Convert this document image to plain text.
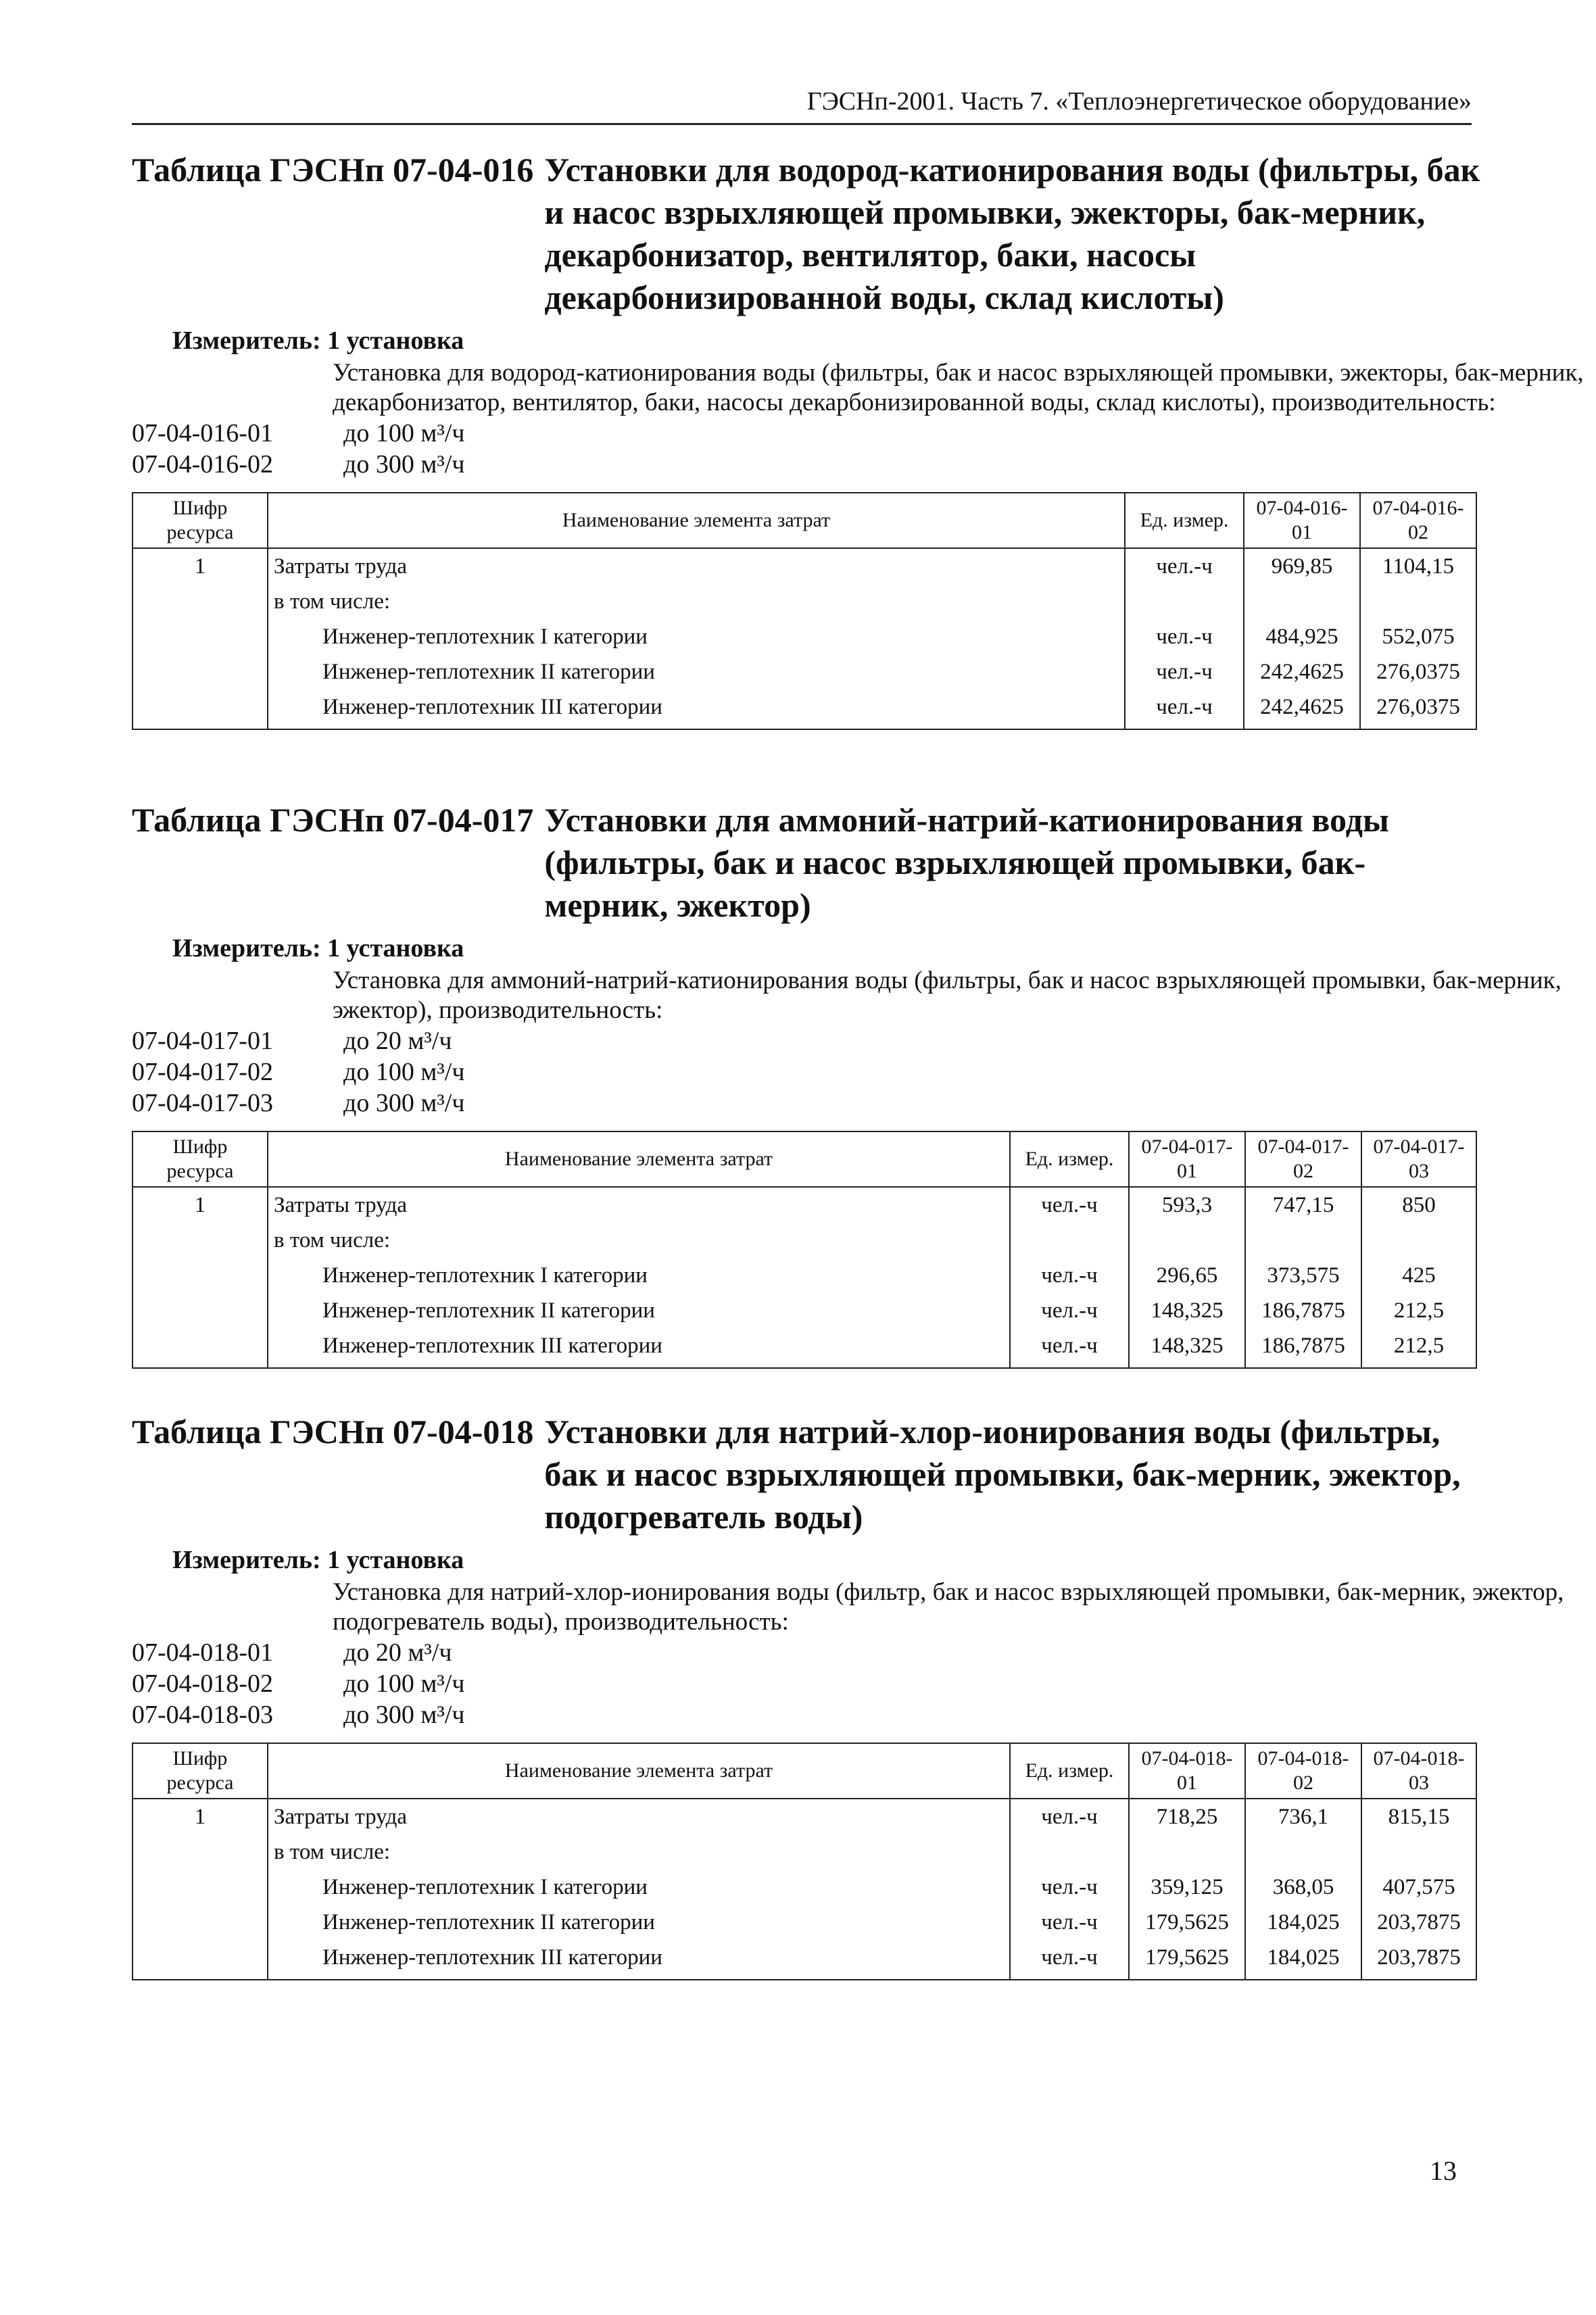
ГЭСНп-2001. Часть 7. «Теплоэнергетическое оборудование»
Таблица ГЭСНп 07-04-016 Установки для водород-катионирования воды (фильтры, бак и насос взрыхляющей промывки, эжекторы, бак-мерник, декарбонизатор, вентилятор, баки, насосы декарбонизированной воды, склад кислоты)
Измеритель: 1 установка
Установка для водород-катионирования воды (фильтры, бак и насос взрыхляющей промывки, эжекторы, бак-мерник, декарбонизатор, вентилятор, баки, насосы декарбонизированной воды, склад кислоты), производительность:
07-04-016-01	до 100 м³/ч
07-04-016-02	до 300 м³/ч
Шифр ресурса	Наименование элемента затрат	Ед. измер.	07-04-016-01	07-04-016-02
1	Затраты труда	чел.-ч	969,85	1104,15
	в том числе:			
	Инженер-теплотехник I категории	чел.-ч	484,925	552,075
	Инженер-теплотехник II категории	чел.-ч	242,4625	276,0375
	Инженер-теплотехник III категории	чел.-ч	242,4625	276,0375
Таблица ГЭСНп 07-04-017 Установки для аммоний-натрий-катионирования воды (фильтры, бак и насос взрыхляющей промывки, бак-мерник, эжектор)
Измеритель: 1 установка
Установка для аммоний-натрий-катионирования воды (фильтры, бак и насос взрыхляющей промывки, бак-мерник, эжектор), производительность:
07-04-017-01	до 20 м³/ч
07-04-017-02	до 100 м³/ч
07-04-017-03	до 300 м³/ч
Шифр ресурса	Наименование элемента затрат	Ед. измер.	07-04-017-01	07-04-017-02	07-04-017-03
1	Затраты труда	чел.-ч	593,3	747,15	850
	в том числе:				
	Инженер-теплотехник I категории	чел.-ч	296,65	373,575	425
	Инженер-теплотехник II категории	чел.-ч	148,325	186,7875	212,5
	Инженер-теплотехник III категории	чел.-ч	148,325	186,7875	212,5
Таблица ГЭСНп 07-04-018 Установки для натрий-хлор-ионирования воды (фильтры, бак и насос взрыхляющей промывки, бак-мерник, эжектор, подогреватель воды)
Измеритель: 1 установка
Установка для натрий-хлор-ионирования воды (фильтр, бак и насос взрыхляющей промывки, бак-мерник, эжектор, подогреватель воды), производительность:
07-04-018-01	до 20 м³/ч
07-04-018-02	до 100 м³/ч
07-04-018-03	до 300 м³/ч
Шифр ресурса	Наименование элемента затрат	Ед. измер.	07-04-018-01	07-04-018-02	07-04-018-03
1	Затраты труда	чел.-ч	718,25	736,1	815,15
	в том числе:				
	Инженер-теплотехник I категории	чел.-ч	359,125	368,05	407,575
	Инженер-теплотехник II категории	чел.-ч	179,5625	184,025	203,7875
	Инженер-теплотехник III категории	чел.-ч	179,5625	184,025	203,7875
13
